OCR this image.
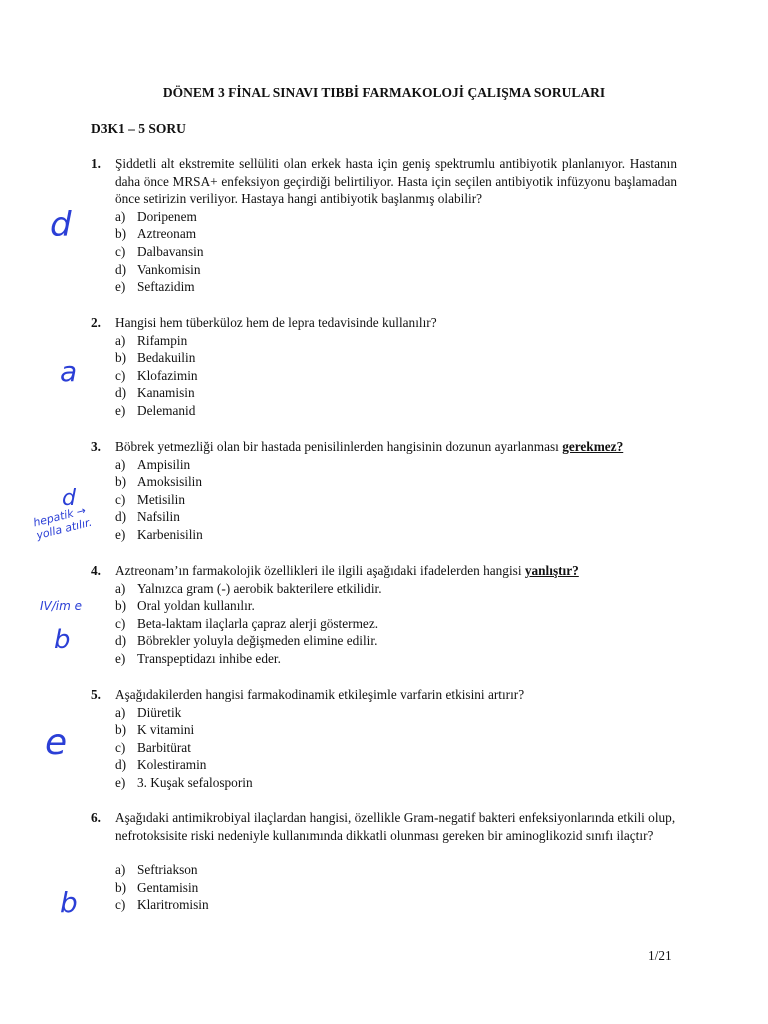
DÖNEM 3 FİNAL SINAVI TIBBİ FARMAKOLOJİ ÇALIŞMA SORULARI
D3K1 – 5 SORU
1. Şiddetli alt ekstremite sellüliti olan erkek hasta için geniş spektrumlu antibiyotik planlanıyor. Hastanın daha önce MRSA+ enfeksiyon geçirdiği belirtiliyor. Hasta için seçilen antibiyotik infüzyonu başlamadan önce setirizin veriliyor. Hastaya hangi antibiyotik başlanmış olabilir?
a) Doripenem
b) Aztreonam
c) Dalbavansin
d) Vankomisin
e) Seftazidim
2. Hangisi hem tüberküloz hem de lepra tedavisinde kullanılır?
a) Rifampin
b) Bedakuilin
c) Klofazimin
d) Kanamisin
e) Delemanid
3. Böbrek yetmezliği olan bir hastada penisilinlerden hangisinin dozunun ayarlanması gerekmez?
a) Ampisilin
b) Amoksisilin
c) Metisilin
d) Nafsilin
e) Karbenisilin
4. Aztreonam’ın farmakolojik özellikleri ile ilgili aşağıdaki ifadelerden hangisi yanlıştır?
a) Yalnızca gram (-) aerobik bakterilere etkilidir.
b) Oral yoldan kullanılır.
c) Beta-laktam ilaçlarla çapraz alerji göstermez.
d) Böbrekler yoluyla değişmeden elimine edilir.
e) Transpeptidazı inhibe eder.
5. Aşağıdakilerden hangisi farmakodinamik etkileşimle varfarin etkisini artırır?
a) Diüretik
b) K vitamini
c) Barbitürat
d) Kolestiramin
e) 3. Kuşak sefalosporin
6. Aşağıdaki antimikrobiyal ilaçlardan hangisi, özellikle Gram-negatif bakteri enfeksiyonlarında etkili olup, nefrotoksisite riski nedeniyle kullanımında dikkatli olunması gereken bir aminoglikozid sınıfı ilaçtır?
a) Seftriakson
b) Gentamisin
c) Klaritromisin
d
a
d
hepatik → yolla atılır.
IV/im e
b
e
b
1/21
